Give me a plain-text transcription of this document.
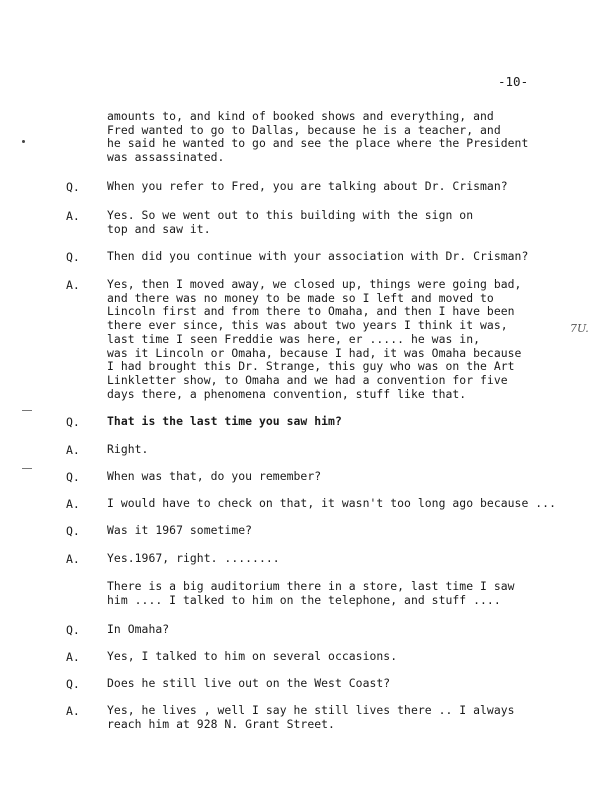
-10-
7U.
amounts to, and kind of booked shows and everything, and
Fred wanted to go to Dallas, because he is a teacher, and
he said he wanted to go and see the place where the President
was assassinated.
Q. When you refer to Fred, you are talking about Dr. Crisman?
A. Yes. So we went out to this building with the sign on
top and saw it.
Q. Then did you continue with your association with Dr. Crisman?
A. Yes, then I moved away, we closed up, things were going bad,
and there was no money to be made so I left and moved to
Lincoln first and from there to Omaha, and then I have been
there ever since, this was about two years I think it was,
last time I seen Freddie was here, er ..... he was in,
was it Lincoln or Omaha, because I had, it was Omaha because
I had brought this Dr. Strange, this guy who was on the Art
Linkletter show, to Omaha and we had a convention for five
days there, a phenomena convention, stuff like that.
Q. That is the last time you saw him?
A. Right.
Q. When was that, do you remember?
A. I would have to check on that, it wasn't too long ago because ...
Q. Was it 1967 sometime?
A. Yes.1967, right. ........
There is a big auditorium there in a store, last time I saw
him .... I talked to him on the telephone, and stuff ....
Q. In Omaha?
A. Yes, I talked to him on several occasions.
Q. Does he still live out on the West Coast?
A. Yes, he lives , well I say he still lives there .. I always
reach him at 928 N. Grant Street.
